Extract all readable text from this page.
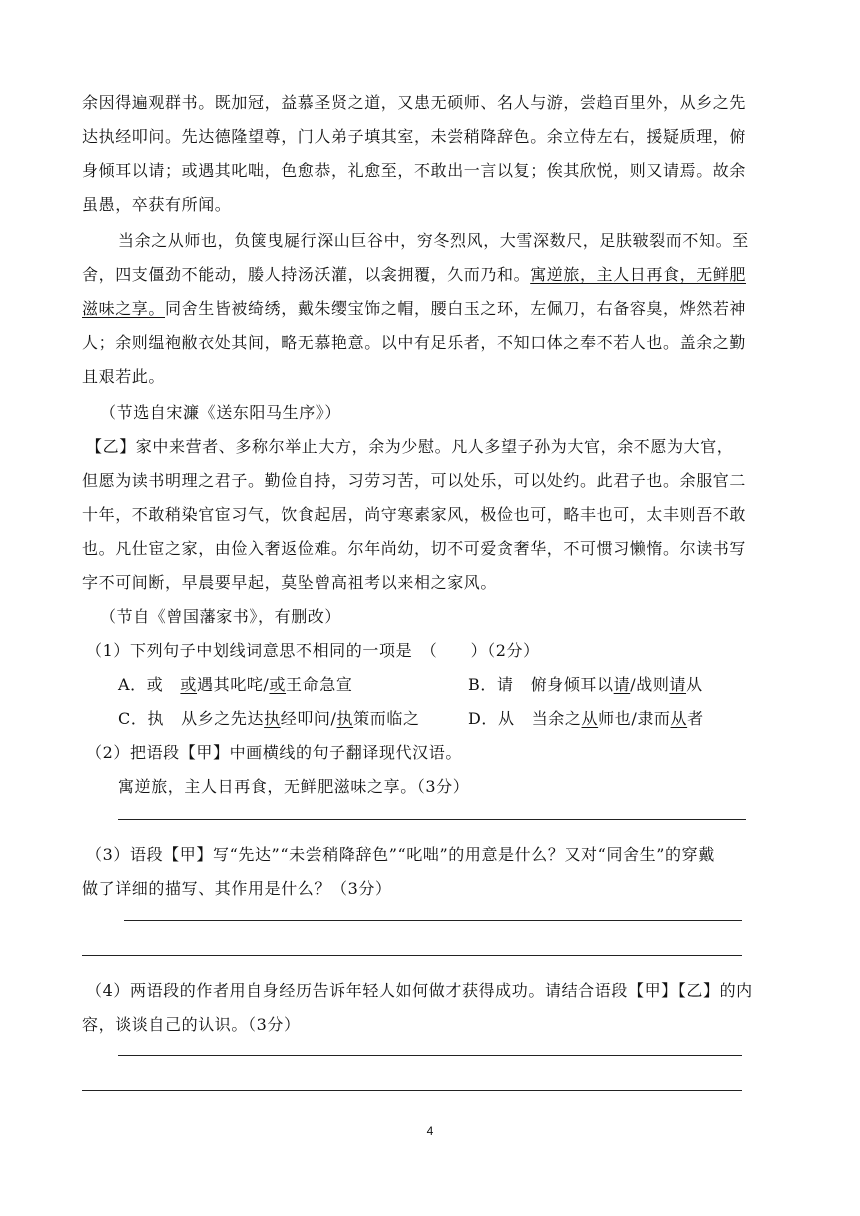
余因得遍观群书。既加冠，益慕圣贤之道，又患无硕师、名人与游，尝趋百里外，从乡之先
达执经叩问。先达德隆望尊，门人弟子填其室，未尝稍降辞色。余立侍左右，援疑质理，俯
身倾耳以请；或遇其叱咄，色愈恭，礼愈至，不敢出一言以复；俟其欣悦，则又请焉。故余
虽愚，卒获有所闻。
当余之从师也，负箧曳屣行深山巨谷中，穷冬烈风，大雪深数尺，足肤皲裂而不知。至
舍，四支僵劲不能动，媵人持汤沃灌，以衾拥覆，久而乃和。寓逆旅，主人日再食，无鲜肥
滋味之享。同舍生皆被绮绣，戴朱缨宝饰之帽，腰白玉之环，左佩刀，右备容臭，烨然若神
人；余则缊袍敝衣处其间，略无慕艳意。以中有足乐者，不知口体之奉不若人也。盖余之勤
且艰若此。
（节选自宋濂《送东阳马生序》）
【乙】家中来营者、多称尔举止大方，余为少慰。凡人多望子孙为大官，余不愿为大官，
但愿为读书明理之君子。勤俭自持，习劳习苦，可以处乐，可以处约。此君子也。余服官二
十年，不敢稍染官宦习气，饮食起居，尚守寒素家风，极俭也可，略丰也可，太丰则吾不敢
也。凡仕宦之家，由俭入奢返俭难。尔年尚幼，切不可爱贪奢华，不可惯习懒惰。尔读书写
字不可间断，早晨要早起，莫坠曾高祖考以来相之家风。
（节自《曾国藩家书》，有删改）
（1）下列句子中划线词意思不相同的一项是　（　　）（2分）
A．或 或遇其叱咤/或王命急宣	B．请 俯身倾耳以请/战则请从
C．执 从乡之先达执经叩问/执策而临之	D．从 当余之从师也/隶而从者
（2）把语段【甲】中画横线的句子翻译现代汉语。
寓逆旅，主人日再食，无鲜肥滋味之享。（3分）
（3）语段【甲】写“先达”“未尝稍降辞色”“叱咄”的用意是什么？又对“同舍生”的穿戴
做了详细的描写、其作用是什么？（3分）
（4）两语段的作者用自身经历告诉年轻人如何做才获得成功。请结合语段【甲】【乙】的内
容，谈谈自己的认识。（3分）
4
